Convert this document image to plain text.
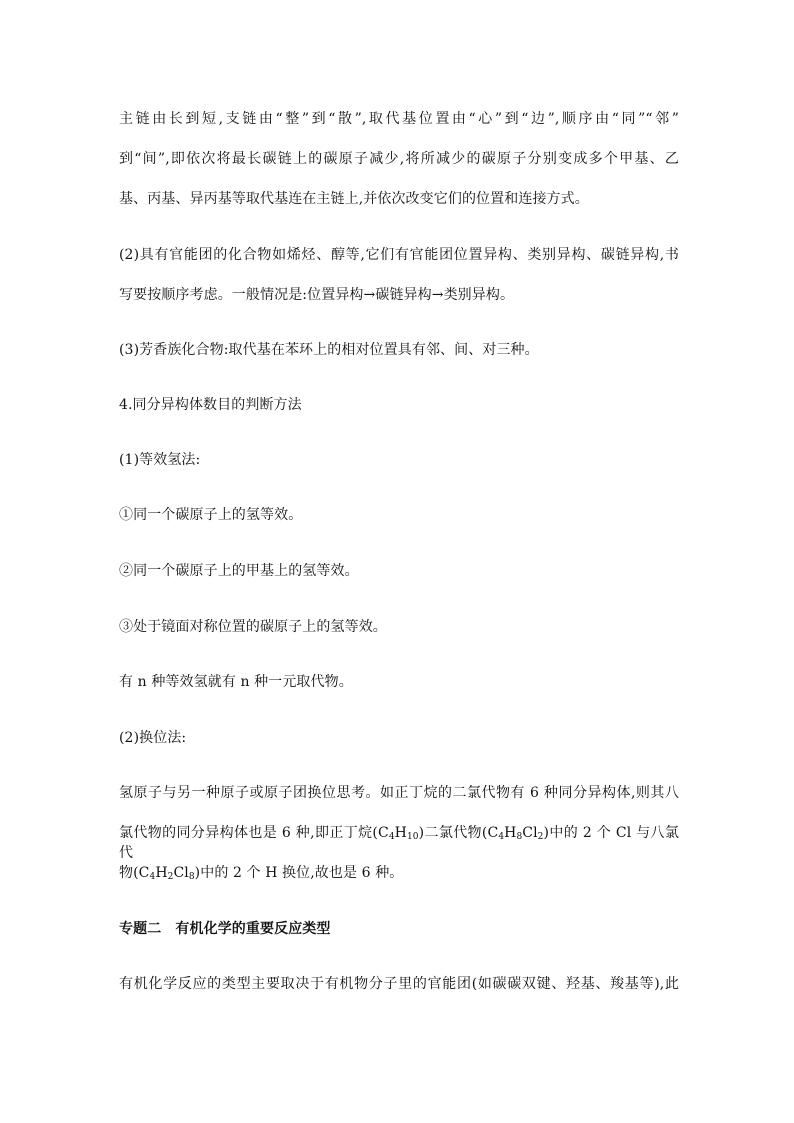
主链由长到短,支链由“整”到“散”,取代基位置由“心”到“边”,顺序由“同”“邻”
到“间”,即依次将最长碳链上的碳原子减少,将所减少的碳原子分别变成多个甲基、乙
基、丙基、异丙基等取代基连在主链上,并依次改变它们的位置和连接方式。
(2)具有官能团的化合物如烯烃、醇等,它们有官能团位置异构、类别异构、碳链异构,书
写要按顺序考虑。一般情况是:位置异构→碳链异构→类别异构。
(3)芳香族化合物:取代基在苯环上的相对位置具有邻、间、对三种。
4.同分异构体数目的判断方法
(1)等效氢法:
①同一个碳原子上的氢等效。
②同一个碳原子上的甲基上的氢等效。
③处于镜面对称位置的碳原子上的氢等效。
有 n 种等效氢就有 n 种一元取代物。
(2)换位法:
氢原子与另一种原子或原子团换位思考。如正丁烷的二氯代物有 6 种同分异构体,则其八
氯代物的同分异构体也是 6 种,即正丁烷$(C_4H_{10})$二氯代物$(C_4H_8Cl_2)$中的 2 个 Cl 与八氯代
物$(C_4H_2Cl_8)$中的 2 个 H 换位,故也是 6 种。
专题二　有机化学的重要反应类型
有机化学反应的类型主要取决于有机物分子里的官能团(如碳碳双键、羟基、羧基等),此
